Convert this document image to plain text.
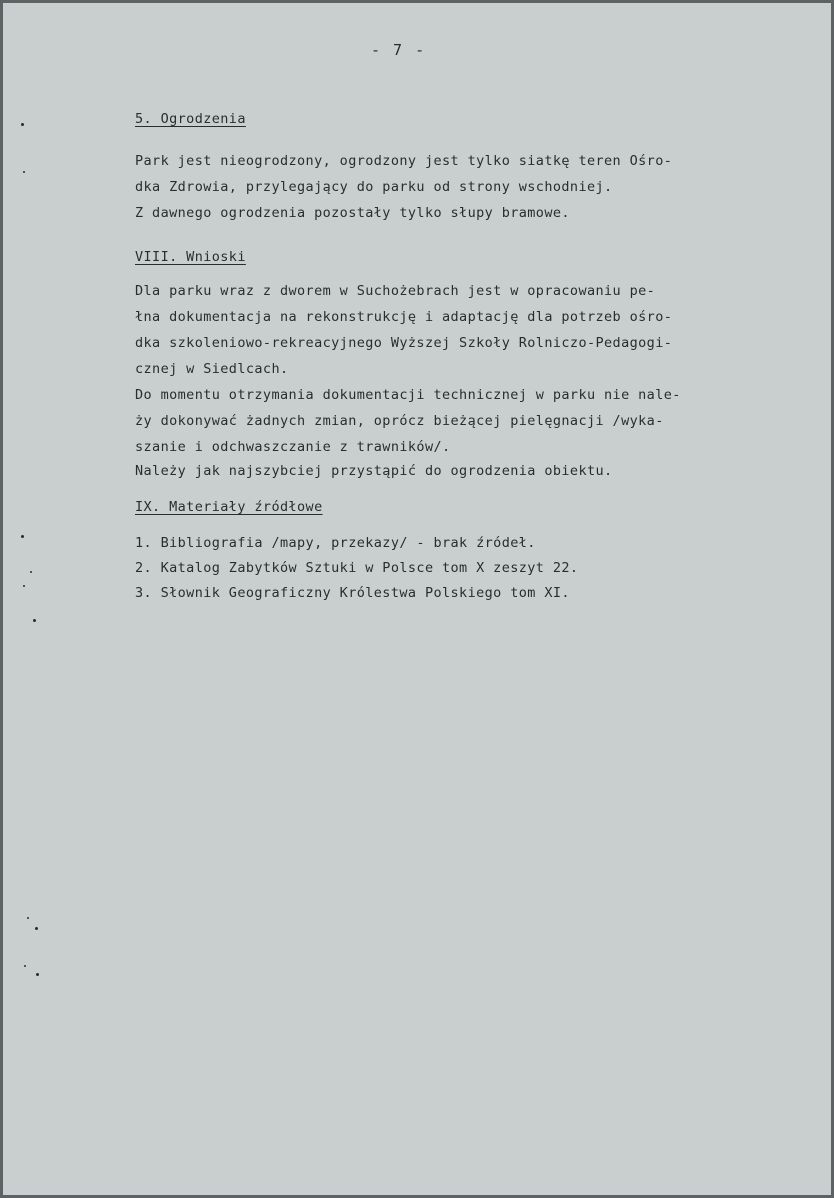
- 7 -
5. Ogrodzenia
Park jest nieogrodzony, ogrodzony jest tylko siatkę teren Ośro-
dka Zdrowia, przylegający do parku od strony wschodniej.
Z dawnego ogrodzenia pozostały tylko słupy bramowe.
VIII. Wnioski
Dla parku wraz z dworem w Suchożebrach jest w opracowaniu pe-
łna dokumentacja na rekonstrukcję i adaptację dla potrzeb ośro-
dka szkoleniowo-rekreacyjnego Wyższej Szkoły Rolniczo-Pedagogi-
cznej w Siedlcach.
Do momentu otrzymania dokumentacji technicznej w parku nie nale-
ży dokonywać żadnych zmian, oprócz bieżącej pielęgnacji /wyka-
szanie i odchwaszczanie z trawników/.
Należy jak najszybciej przystąpić do ogrodzenia obiektu.
IX. Materiały źródłowe
1. Bibliografia /mapy, przekazy/ - brak źródeł.
2. Katalog Zabytków Sztuki w Polsce tom X zeszyt 22.
3. Słownik Geograficzny Królestwa Polskiego tom XI.
